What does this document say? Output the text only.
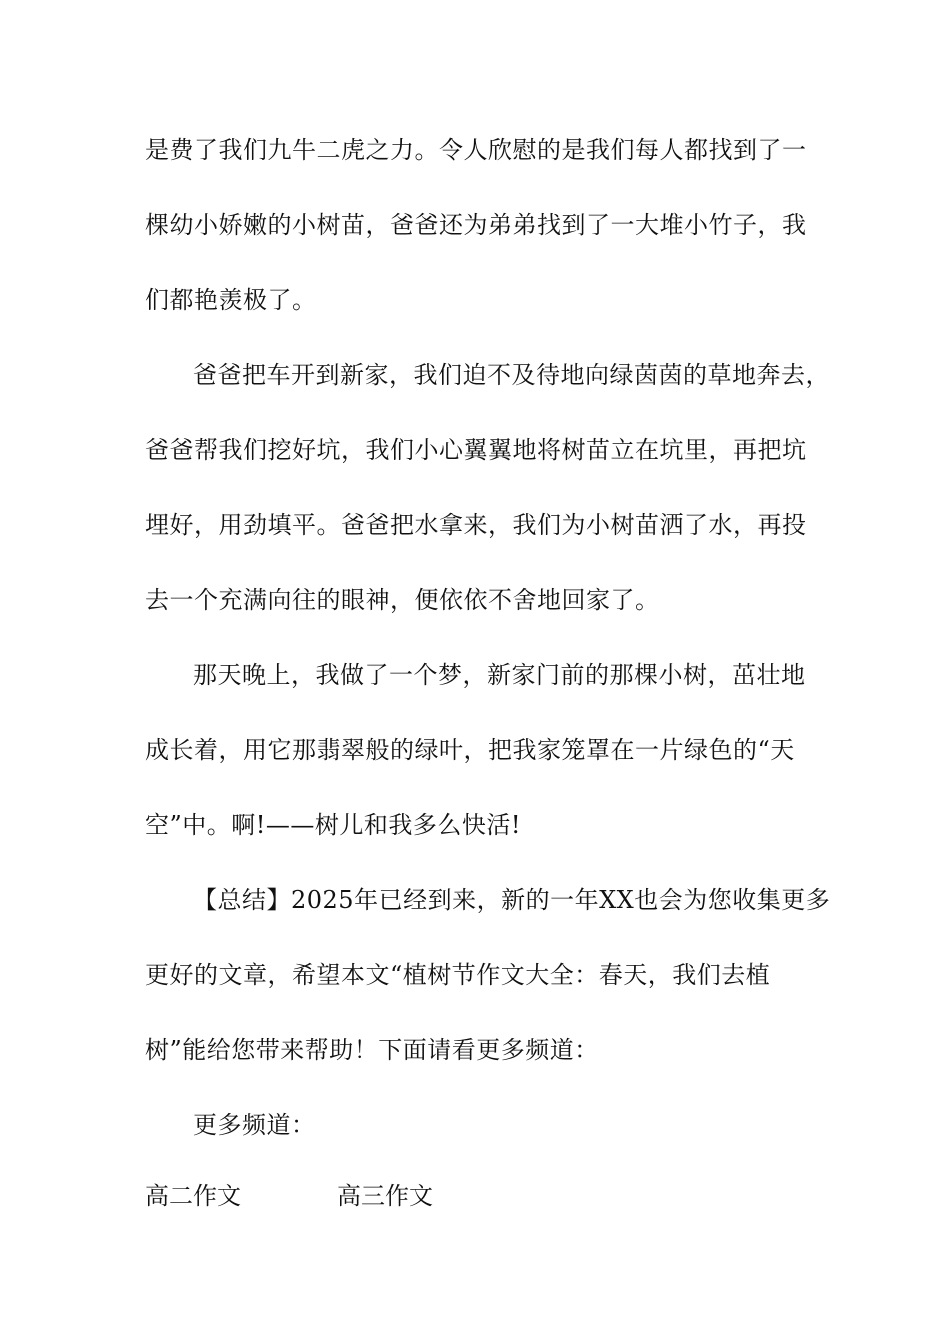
是费了我们九牛二虎之力。令人欣慰的是我们每人都找到了一
棵幼小娇嫩的小树苗，爸爸还为弟弟找到了一大堆小竹子，我
们都艳羡极了。
爸爸把车开到新家，我们迫不及待地向绿茵茵的草地奔去，
爸爸帮我们挖好坑，我们小心翼翼地将树苗立在坑里，再把坑
埋好，用劲填平。爸爸把水拿来，我们为小树苗洒了水，再投
去一个充满向往的眼神，便依依不舍地回家了。
那天晚上，我做了一个梦，新家门前的那棵小树，茁壮地
成长着，用它那翡翠般的绿叶，把我家笼罩在一片绿色的“天
空”中。啊!——树儿和我多么快活!
【总结】2025年已经到来，新的一年XX也会为您收集更多
更好的文章，希望本文“植树节作文大全：春天，我们去植
树”能给您带来帮助！下面请看更多频道：
更多频道：
高二作文	高三作文
